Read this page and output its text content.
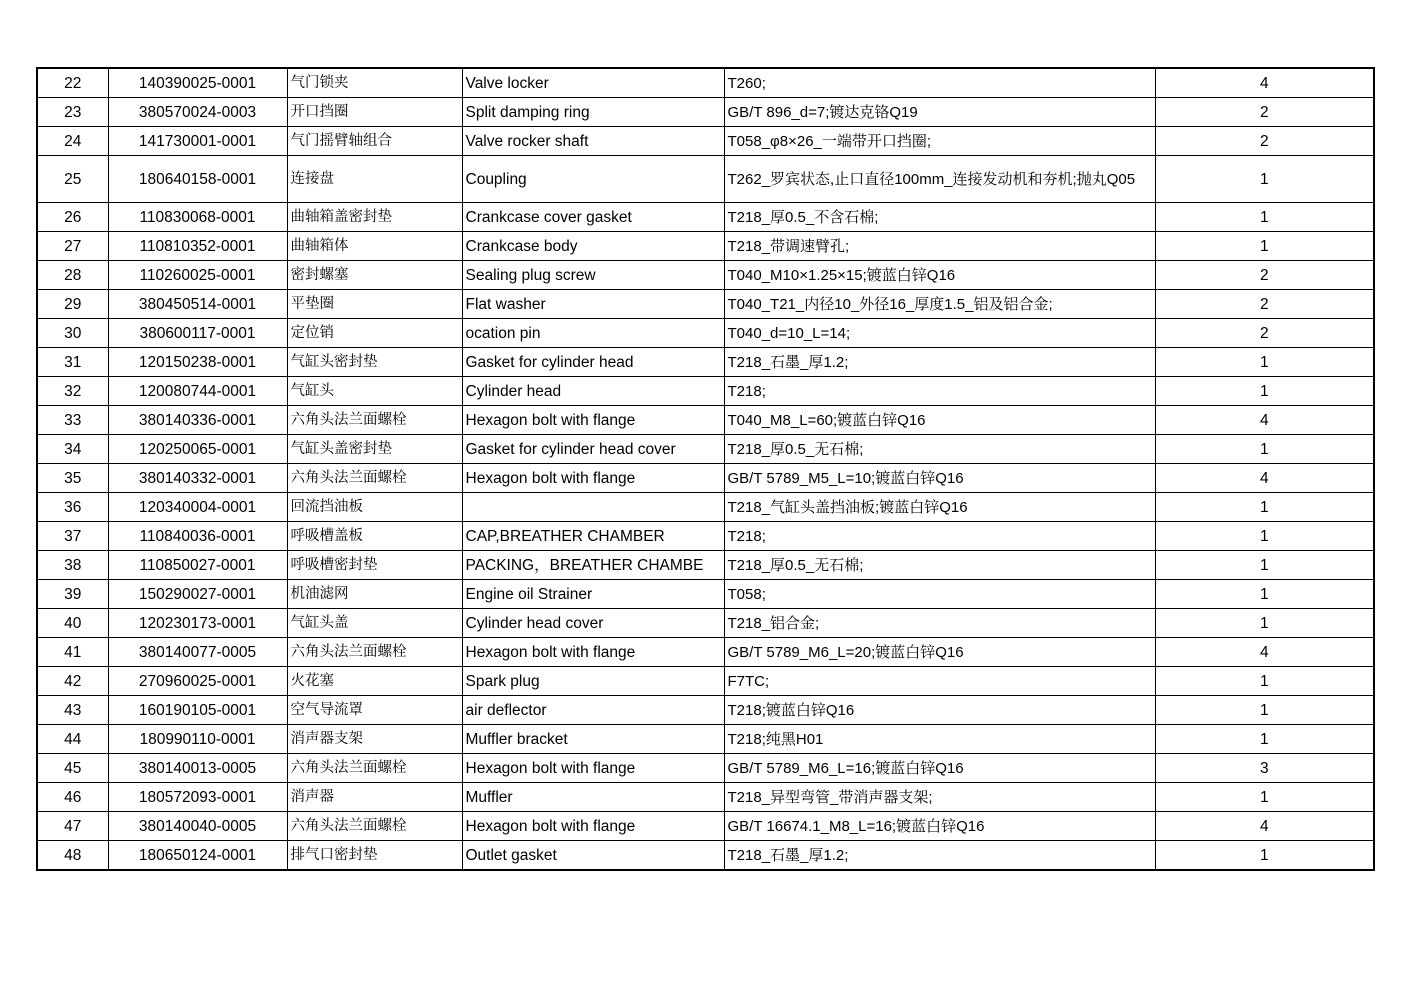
22	140390025-0001	气门锁夹	Valve locker	T260;	4
23	380570024-0003	开口挡圈	Split damping ring	GB/T 896_d=7;镀达克铬Q19	2
24	141730001-0001	气门摇臂轴组合	Valve rocker shaft	T058_φ8×26_一端带开口挡圈;	2
25	180640158-0001	连接盘	Coupling	T262_罗宾状态,止口直径100mm_连接发动机和夯机;抛丸Q05	1
26	110830068-0001	曲轴箱盖密封垫	Crankcase cover gasket	T218_厚0.5_不含石棉;	1
27	110810352-0001	曲轴箱体	Crankcase body	T218_带调速臂孔;	1
28	110260025-0001	密封螺塞	Sealing plug screw	T040_M10×1.25×15;镀蓝白锌Q16	2
29	380450514-0001	平垫圈	Flat washer	T040_T21_内径10_外径16_厚度1.5_铝及铝合金;	2
30	380600117-0001	定位销	ocation pin	T040_d=10_L=14;	2
31	120150238-0001	气缸头密封垫	Gasket for cylinder head	T218_石墨_厚1.2;	1
32	120080744-0001	气缸头	Cylinder head	T218;	1
33	380140336-0001	六角头法兰面螺栓	Hexagon bolt with flange	T040_M8_L=60;镀蓝白锌Q16	4
34	120250065-0001	气缸头盖密封垫	Gasket for cylinder head cover	T218_厚0.5_无石棉;	1
35	380140332-0001	六角头法兰面螺栓	Hexagon bolt with flange	GB/T 5789_M5_L=10;镀蓝白锌Q16	4
36	120340004-0001	回流挡油板		T218_气缸头盖挡油板;镀蓝白锌Q16	1
37	110840036-0001	呼吸槽盖板	CAP,BREATHER CHAMBER	T218;	1
38	110850027-0001	呼吸槽密封垫	PACKING，BREATHER CHAMBE	T218_厚0.5_无石棉;	1
39	150290027-0001	机油滤网	Engine oil Strainer	T058;	1
40	120230173-0001	气缸头盖	Cylinder head cover	T218_铝合金;	1
41	380140077-0005	六角头法兰面螺栓	Hexagon bolt with flange	GB/T 5789_M6_L=20;镀蓝白锌Q16	4
42	270960025-0001	火花塞	Spark plug	F7TC;	1
43	160190105-0001	空气导流罩	air deflector	T218;镀蓝白锌Q16	1
44	180990110-0001	消声器支架	Muffler bracket	T218;纯黑H01	1
45	380140013-0005	六角头法兰面螺栓	Hexagon bolt with flange	GB/T 5789_M6_L=16;镀蓝白锌Q16	3
46	180572093-0001	消声器	Muffler	T218_异型弯管_带消声器支架;	1
47	380140040-0005	六角头法兰面螺栓	Hexagon bolt with flange	GB/T 16674.1_M8_L=16;镀蓝白锌Q16	4
48	180650124-0001	排气口密封垫	Outlet gasket	T218_石墨_厚1.2;	1
